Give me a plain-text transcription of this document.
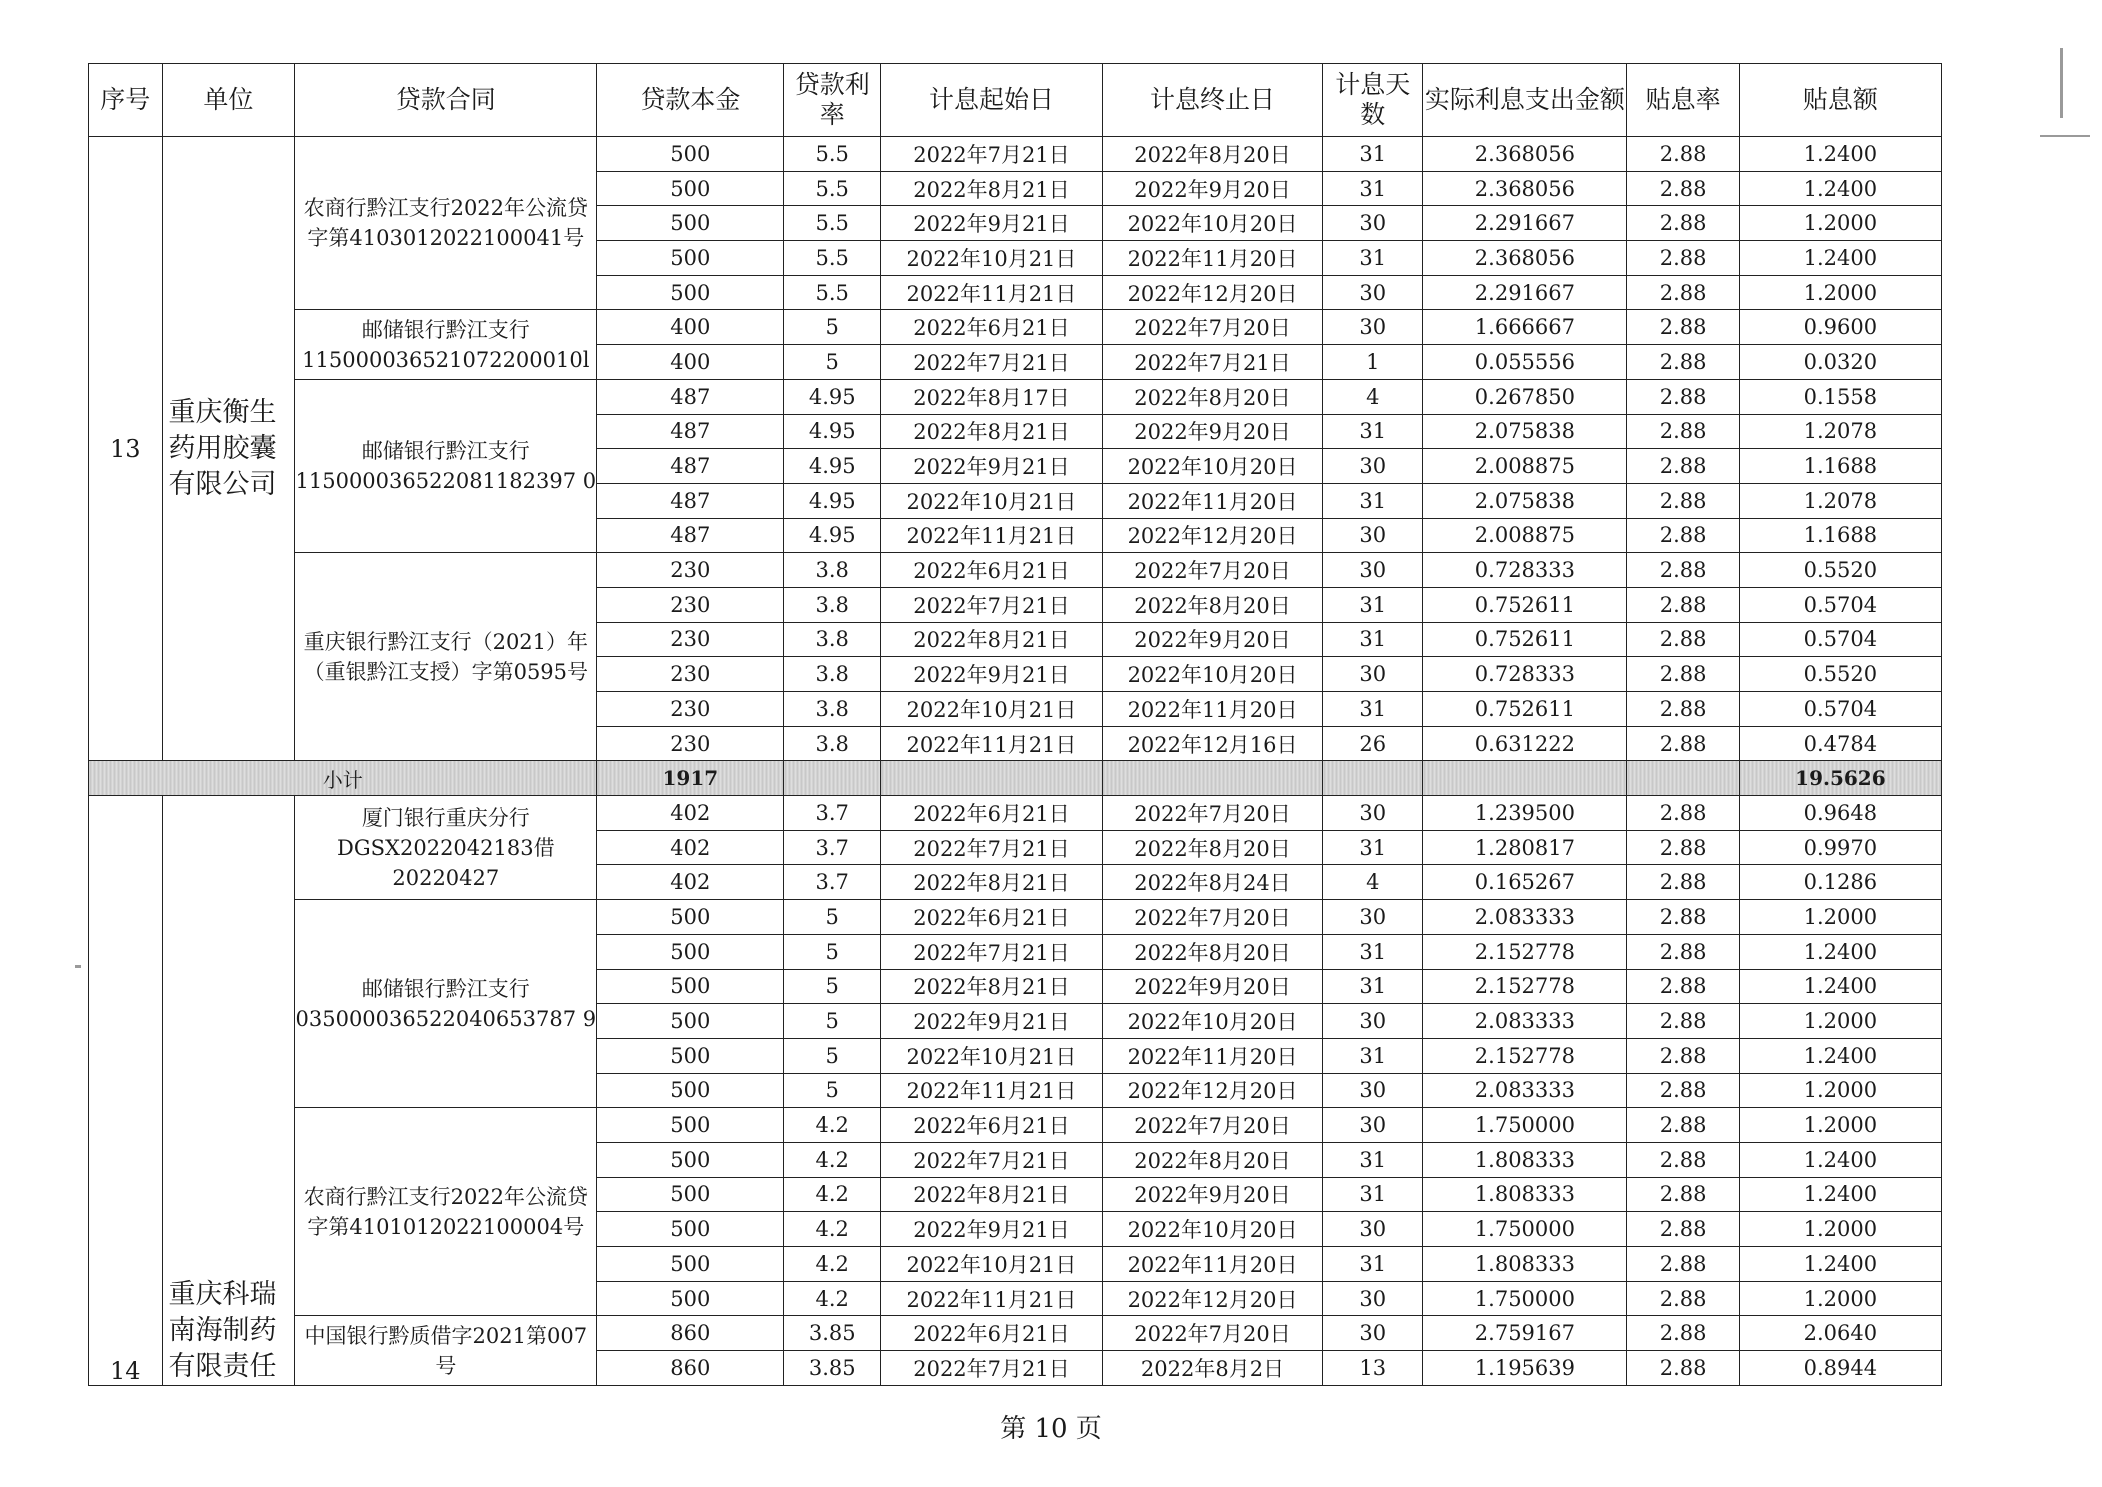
序号	单位	贷款合同	贷款本金	贷款利率	计息起始日	计息终止日	计息天数	实际利息支出金额	贴息率	贴息额
13	重庆衡生药用胶囊有限公司	农商行黔江支行2022年公流贷字第4103012022100041号	500	5.5	2022年7月21日	2022年8月20日	31	2.368056	2.88	1.2400
			500	5.5	2022年8月21日	2022年9月20日	31	2.368056	2.88	1.2400
			500	5.5	2022年9月21日	2022年10月20日	30	2.291667	2.88	1.2000
			500	5.5	2022年10月21日	2022年11月20日	31	2.368056	2.88	1.2400
			500	5.5	2022年11月21日	2022年12月20日	30	2.291667	2.88	1.2000
		邮储银行黔江支行115000036521072200010l	400	5	2022年6月21日	2022年7月20日	30	1.666667	2.88	0.9600
			400	5	2022年7月21日	2022年7月21日	1	0.055556	2.88	0.0320
		邮储银行黔江支行115000036522081182397 0	487	4.95	2022年8月17日	2022年8月20日	4	0.267850	2.88	0.1558
			487	4.95	2022年8月21日	2022年9月20日	31	2.075838	2.88	1.2078
			487	4.95	2022年9月21日	2022年10月20日	30	2.008875	2.88	1.1688
			487	4.95	2022年10月21日	2022年11月20日	31	2.075838	2.88	1.2078
			487	4.95	2022年11月21日	2022年12月20日	30	2.008875	2.88	1.1688
		重庆银行黔江支行（2021）年（重银黔江支授）字第0595号	230	3.8	2022年6月21日	2022年7月20日	30	0.728333	2.88	0.5520
			230	3.8	2022年7月21日	2022年8月20日	31	0.752611	2.88	0.5704
			230	3.8	2022年8月21日	2022年9月20日	31	0.752611	2.88	0.5704
			230	3.8	2022年9月21日	2022年10月20日	30	0.728333	2.88	0.5520
			230	3.8	2022年10月21日	2022年11月20日	31	0.752611	2.88	0.5704
			230	3.8	2022年11月21日	2022年12月16日	26	0.631222	2.88	0.4784
小计			1917							19.5626
14	重庆科瑞南海制药有限责任	厦门银行重庆分行DGSX2022042183借20220427	402	3.7	2022年6月21日	2022年7月20日	30	1.239500	2.88	0.9648
			402	3.7	2022年7月21日	2022年8月20日	31	1.280817	2.88	0.9970
			402	3.7	2022年8月21日	2022年8月24日	4	0.165267	2.88	0.1286
		邮储银行黔江支行035000036522040653787 9	500	5	2022年6月21日	2022年7月20日	30	2.083333	2.88	1.2000
			500	5	2022年7月21日	2022年8月20日	31	2.152778	2.88	1.2400
			500	5	2022年8月21日	2022年9月20日	31	2.152778	2.88	1.2400
			500	5	2022年9月21日	2022年10月20日	30	2.083333	2.88	1.2000
			500	5	2022年10月21日	2022年11月20日	31	2.152778	2.88	1.2400
			500	5	2022年11月21日	2022年12月20日	30	2.083333	2.88	1.2000
		农商行黔江支行2022年公流贷字第4101012022100004号	500	4.2	2022年6月21日	2022年7月20日	30	1.750000	2.88	1.2000
			500	4.2	2022年7月21日	2022年8月20日	31	1.808333	2.88	1.2400
			500	4.2	2022年8月21日	2022年9月20日	31	1.808333	2.88	1.2400
			500	4.2	2022年9月21日	2022年10月20日	30	1.750000	2.88	1.2000
			500	4.2	2022年10月21日	2022年11月20日	31	1.808333	2.88	1.2400
			500	4.2	2022年11月21日	2022年12月20日	30	1.750000	2.88	1.2000
		中国银行黔质借字2021第007号	860	3.85	2022年6月21日	2022年7月20日	30	2.759167	2.88	2.0640
			860	3.85	2022年7月21日	2022年8月2日	13	1.195639	2.88	0.8944
第 10 页
